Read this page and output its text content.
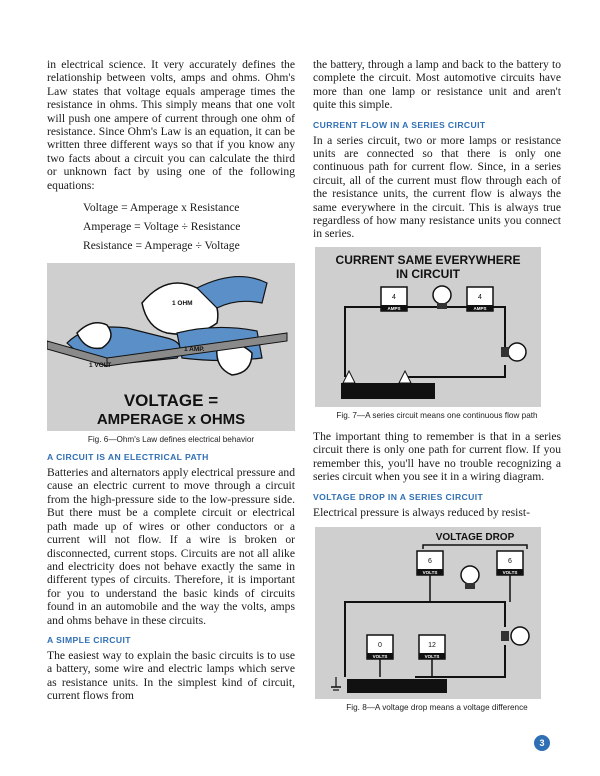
in electrical science. It very accurately defines the relationship between volts, amps and ohms. Ohm's Law states that voltage equals amperage times the resistance in ohms. This simply means that one volt will push one ampere of current through one ohm of resistance. Since Ohm's Law is an equation, it can be written three different ways so that if you know any two facts about a circuit you can calculate the third or unknown fact by using one of the following equations:

Voltage = Amperage x Resistance
Amperage = Voltage ÷ Resistance
Resistance = Amperage ÷ Voltage
1 OHM
1 VOLT
1 AMP.
VOLTAGE =
AMPERAGE x OHMS
Fig. 6—Ohm's Law defines electrical behavior
A CIRCUIT IS AN ELECTRICAL PATH

Batteries and alternators apply electrical pressure and cause an electric current to move through a circuit from the high-pressure side to the low-pressure side. But there must be a complete circuit or electrical path made up of wires or other conductors or a current will not flow. If a wire is broken or disconnected, current stops. Circuits are not all alike and electricity does not behave exactly the same in different types of circuits. Therefore, it is important for you to understand the basic kinds of circuits found in an automobile and the way the volts, amps and ohms behave in these circuits.

A SIMPLE CIRCUIT

The easiest way to explain the basic circuits is to use a battery, some wire and electric lamps which serve as resistance units. In the simplest kind of circuit, current flows from

the battery, through a lamp and back to the battery to complete the circuit. Most automotive circuits have more than one lamp or resistance unit and aren't quite this simple.

CURRENT FLOW IN A SERIES CIRCUIT

In a series circuit, two or more lamps or resistance units are connected so that there is only one continuous path for current flow. Since, in a series circuit, all of the current must flow through each of the resistance units, the current flow is always the same everywhere in the circuit. This is always true regardless of how many resistance units you connect in series.

CURRENT SAME EVERYWHERE
IN CIRCUIT
4
AMPS
4
AMPS
Fig. 7—A series circuit means one continuous flow path

The important thing to remember is that in a series circuit there is only one path for current flow. If you remember this, you'll have no trouble recognizing a series circuit when you see it in a wiring diagram.

VOLTAGE DROP IN A SERIES CIRCUIT

Electrical pressure is always reduced by resist-

VOLTAGE DROP
6
VOLTS
6
VOLTS
0
VOLTS
12
VOLTS
Fig. 8—A voltage drop means a voltage difference
3
